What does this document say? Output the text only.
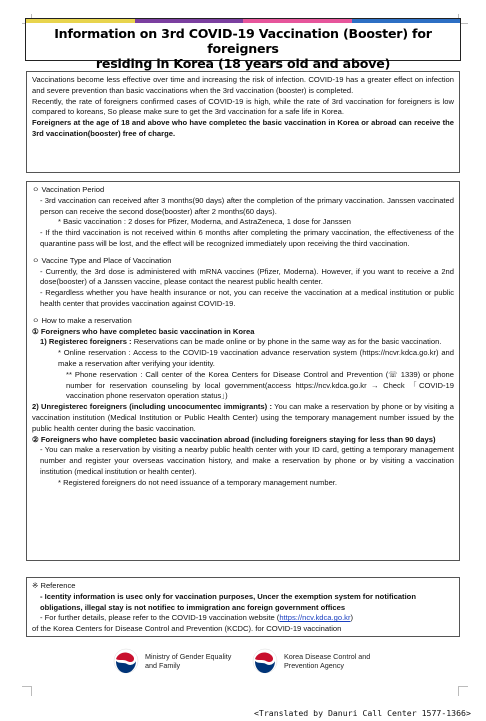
Information on 3rd COVID-19 Vaccination (Booster) for foreigners
residing in Korea (18 years old and above)

Vaccinations become less effective over time and increasing the risk of infection. COVID-19 has a greater effect on infection and severe prevention than basic vaccinations when the 3rd vaccination (booster) is completed.

Recently, the rate of foreigners confirmed cases of COVID-19 is high, while the rate of 3rd vaccination for foreigners is low compared to koreans, So please make sure to get the 3rd vaccination for a safe life in Korea.

Foreigners at the age of 18 and above who have completec the basic vaccination in Korea or abroad can receive the 3rd vaccination(booster) free of charge.

ㅇ Vaccination Period

- 3rd vaccination can received after 3 months(90 days) after the completion of the primary vaccination. Janssen vaccinated person can receive the second dose(booster) after 2 months(60 days).

* Basic vaccination : 2 doses for Pfizer, Moderna, and AstraZeneca, 1 dose for Janssen

- If the third vaccination is not received within 6 months after completing the primary vaccination, the effectiveness of the quarantine pass will be lost, and the effect will be recognized immediately upon receiving the third vaccination.

ㅇ Vaccine Type and Place of Vaccination

- Currently, the 3rd dose is administered with mRNA vaccines (Pfizer, Moderna). However, if you want to receive a 2nd dose(booster) of a Janssen vaccine, please contact the nearest public health center.

- Regardless whether you have health insurance or not, you can receive the vaccination at a medical institution or public health center that provides vaccination against COVID-19.

ㅇ How to make a reservation

① Foreigners who have completec basic vaccination in Korea

1) Registerec foreigners : Reservations can be made online or by phone in the same way as for the basic vaccination.

* Online reservation : Access to the COVID-19 vaccination advance reservation system (https://ncvr.kdca.go.kr) and make a reservation after verifying your identity.

** Phone reservation : Call center of the Korea Centers for Disease Control and Prevention (☏ 1339) or phone number for reservation counseling by local government(access https://ncv.kdca.go.kr → Check 「COVID-19 vaccination phone reservaton operation status」)

2) Unregisterec foreigners (including uncocumentec immigrants) : You can make a reservation by phone or by visiting a vaccination institution (Medical Institution or Public Health Center) using the temporary management number issued by the public health center during the basic vaccination.

② Foreigners who have completec basic vaccination abroad (including foreigners staying for less than 90 days)

- You can make a reservation by visiting a nearby public health center with your ID card, getting a temporary management number and register your overseas vaccination history, and make a reservation by phone or by visiting a vaccination institution (medical institution or health center).

* Registered foreigners do not need issuance of a temporary management number.

※ Reference

- Icentity information is usec only for vaccination purposes, Uncer the exemption system for notification obligations, illegal stay is not notifiec to immigration anc foreign government offices

- For further details, please refer to the COVID-19 vaccination website (https://ncv.kdca.go.kr)

of the Korea Centers for Disease Control and Prevention (KCDC). for COVID-19 vaccination

Ministry of Gender Equality
and Family
Korea Disease Control and
Prevention Agency
<Translated by Danuri Call Center 1577-1366>
